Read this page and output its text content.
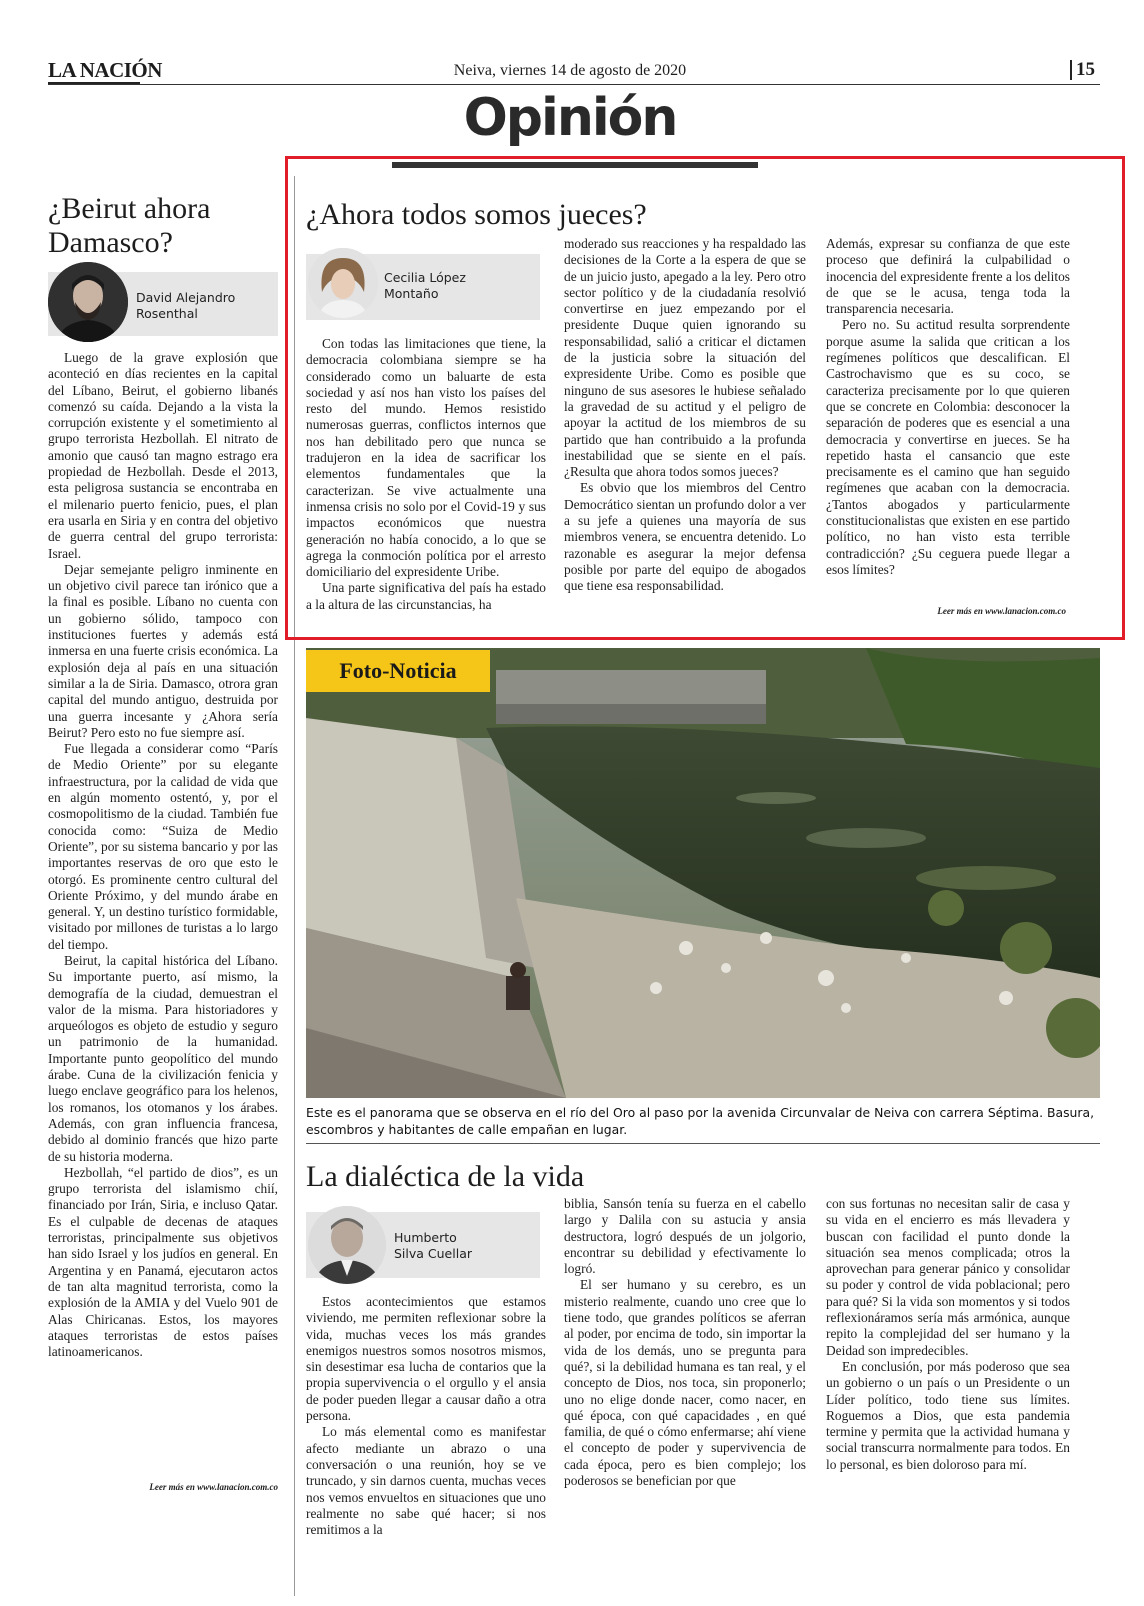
LA NACIÓN	Neiva, viernes 14 de agosto de 2020	15
Opinión
¿Beirut ahora Damasco?
David Alejandro
Rosenthal

Luego de la grave explosión que aconteció en días recientes en la capital del Líbano, Beirut, el gobierno libanés comenzó su caída. Dejando a la vista la corrupción existente y el sometimiento al grupo terrorista Hezbollah. El nitrato de amonio que causó tan magno estrago era propiedad de Hezbollah. Desde el 2013, esta peligrosa sustancia se encontraba en el milenario puerto fenicio, pues, el plan era usarla en Siria y en contra del objetivo de guerra central del grupo terrorista: Israel.

Dejar semejante peligro inminente en un objetivo civil parece tan irónico que a la final es posible. Líbano no cuenta con un gobierno sólido, tampoco con instituciones fuertes y además está inmersa en una fuerte crisis económica. La explosión deja al país en una situación similar a la de Siria. Damasco, otrora gran capital del mundo antiguo, destruida por una guerra incesante y ¿Ahora sería Beirut? Pero esto no fue siempre así.

Fue llegada a considerar como “París de Medio Oriente” por su elegante infraestructura, por la calidad de vida que en algún momento ostentó, y, por el cosmopolitismo de la ciudad. También fue conocida como: “Suiza de Medio Oriente”, por su sistema bancario y por las importantes reservas de oro que esto le otorgó. Es prominente centro cultural del Oriente Próximo, y del mundo árabe en general. Y, un destino turístico formidable, visitado por millones de turistas a lo largo del tiempo.

Beirut, la capital histórica del Líbano. Su importante puerto, así mismo, la demografía de la ciudad, demuestran el valor de la misma. Para historiadores y arqueólogos es objeto de estudio y seguro un patrimonio de la humanidad. Importante punto geopolítico del mundo árabe. Cuna de la civilización fenicia y luego enclave geográfico para los helenos, los romanos, los otomanos y los árabes. Además, con gran influencia francesa, debido al dominio francés que hizo parte de su historia moderna.

Hezbollah, “el partido de dios”, es un grupo terrorista del islamismo chií, financiado por Irán, Siria, e incluso Qatar. Es el culpable de decenas de ataques terroristas, principalmente sus objetivos han sido Israel y los judíos en general. En Argentina y en Panamá, ejecutaron actos de tan alta magnitud terrorista, como la explosión de la AMIA y del Vuelo 901 de Alas Chiricanas. Estos, los mayores ataques terroristas de estos países latinoamericanos.

Leer más en www.lanacion.com.co
¿Ahora todos somos jueces?
Cecilia López
Montaño

Con todas las limitaciones que tiene, la democracia colombiana siempre se ha considerado como un baluarte de esta sociedad y así nos han visto los países del resto del mundo. Hemos resistido numerosas guerras, conflictos internos que nos han debilitado pero que nunca se tradujeron en la idea de sacrificar los elementos fundamentales que la caracterizan. Se vive actualmente una inmensa crisis no solo por el Covid-19 y sus impactos económicos que nuestra generación no había conocido, a lo que se agrega la conmoción política por el arresto domiciliario del expresidente Uribe.

Una parte significativa del país ha estado a la altura de las circunstancias, ha

moderado sus reacciones y ha respaldado las decisiones de la Corte a la espera de que se de un juicio justo, apegado a la ley. Pero otro sector político y de la ciudadanía resolvió convertirse en juez empezando por el presidente Duque quien ignorando su responsabilidad, salió a criticar el dictamen de la justicia sobre la situación del expresidente Uribe. Como es posible que ninguno de sus asesores le hubiese señalado la gravedad de su actitud y el peligro de apoyar la actitud de los miembros de su partido que han contribuido a la profunda inestabilidad que se siente en el país. ¿Resulta que ahora todos somos jueces?

Es obvio que los miembros del Centro Democrático sientan un profundo dolor a ver a su jefe a quienes una mayoría de sus miembros venera, se encuentra detenido. Lo razonable es asegurar la mejor defensa posible por parte del equipo de abogados que tiene esa responsabilidad.

Además, expresar su confianza de que este proceso que definirá la culpabilidad o inocencia del expresidente frente a los delitos de que se le acusa, tenga toda la transparencia necesaria.

Pero no. Su actitud resulta sorprendente porque asume la salida que critican a los regímenes políticos que descalifican. El Castrochavismo que es su coco, se caracteriza precisamente por lo que quieren que se concrete en Colombia: desconocer la separación de poderes que es esencial a una democracia y convertirse en jueces. Se ha repetido hasta el cansancio que este precisamente es el camino que han seguido regímenes que acaban con la democracia. ¿Tantos abogados y particularmente constitucionalistas que existen en ese partido político, no han visto esta terrible contradicción? ¿Su ceguera puede llegar a esos límites?

Leer más en www.lanacion.com.co
Foto-Noticia
Este es el panorama que se observa en el río del Oro al paso por la avenida Circunvalar de Neiva con carrera Séptima. Basura, escombros y habitantes de calle empañan en lugar.
La dialéctica de la vida
Humberto
Silva Cuellar

Estos acontecimientos que estamos viviendo, me permiten reflexionar sobre la vida, muchas veces los más grandes enemigos nuestros somos nosotros mismos, sin desestimar esa lucha de contarios que la propia supervivencia o el orgullo y el ansia de poder pueden llegar a causar daño a otra persona.

Lo más elemental como es manifestar afecto mediante un abrazo o una conversación o una reunión, hoy se ve truncado, y sin darnos cuenta, muchas veces nos vemos envueltos en situaciones que uno realmente no sabe qué hacer; si nos remitimos a la

biblia, Sansón tenía su fuerza en el cabello largo y Dalila con su astucia y ansia destructora, logró después de un jolgorio, encontrar su debilidad y efectivamente lo logró.

El ser humano y su cerebro, es un misterio realmente, cuando uno cree que lo tiene todo, que grandes políticos se aferran al poder, por encima de todo, sin importar la vida de los demás, uno se pregunta para qué?, si la debilidad humana es tan real, y el concepto de Dios, nos toca, sin proponerlo; uno no elige donde nacer, como nacer, en qué época, con qué capacidades , en qué familia, de qué o cómo enfermarse; ahí viene el concepto de poder y supervivencia de cada época, pero es bien complejo; los poderosos se benefician por que

con sus fortunas no necesitan salir de casa y su vida en el encierro es más llevadera y buscan con facilidad el punto donde la situación sea menos complicada; otros la aprovechan para generar pánico y consolidar su poder y control de vida poblacional; pero para qué? Si la vida son momentos y si todos reflexionáramos sería más armónica, aunque repito la complejidad del ser humano y la Deidad son impredecibles.

En conclusión, por más poderoso que sea un gobierno o un país o un Presidente o un Líder político, todo tiene sus límites. Roguemos a Dios, que esta pandemia termine y permita que la actividad humana y social transcurra normalmente para todos. En lo personal, es bien doloroso para mí.
